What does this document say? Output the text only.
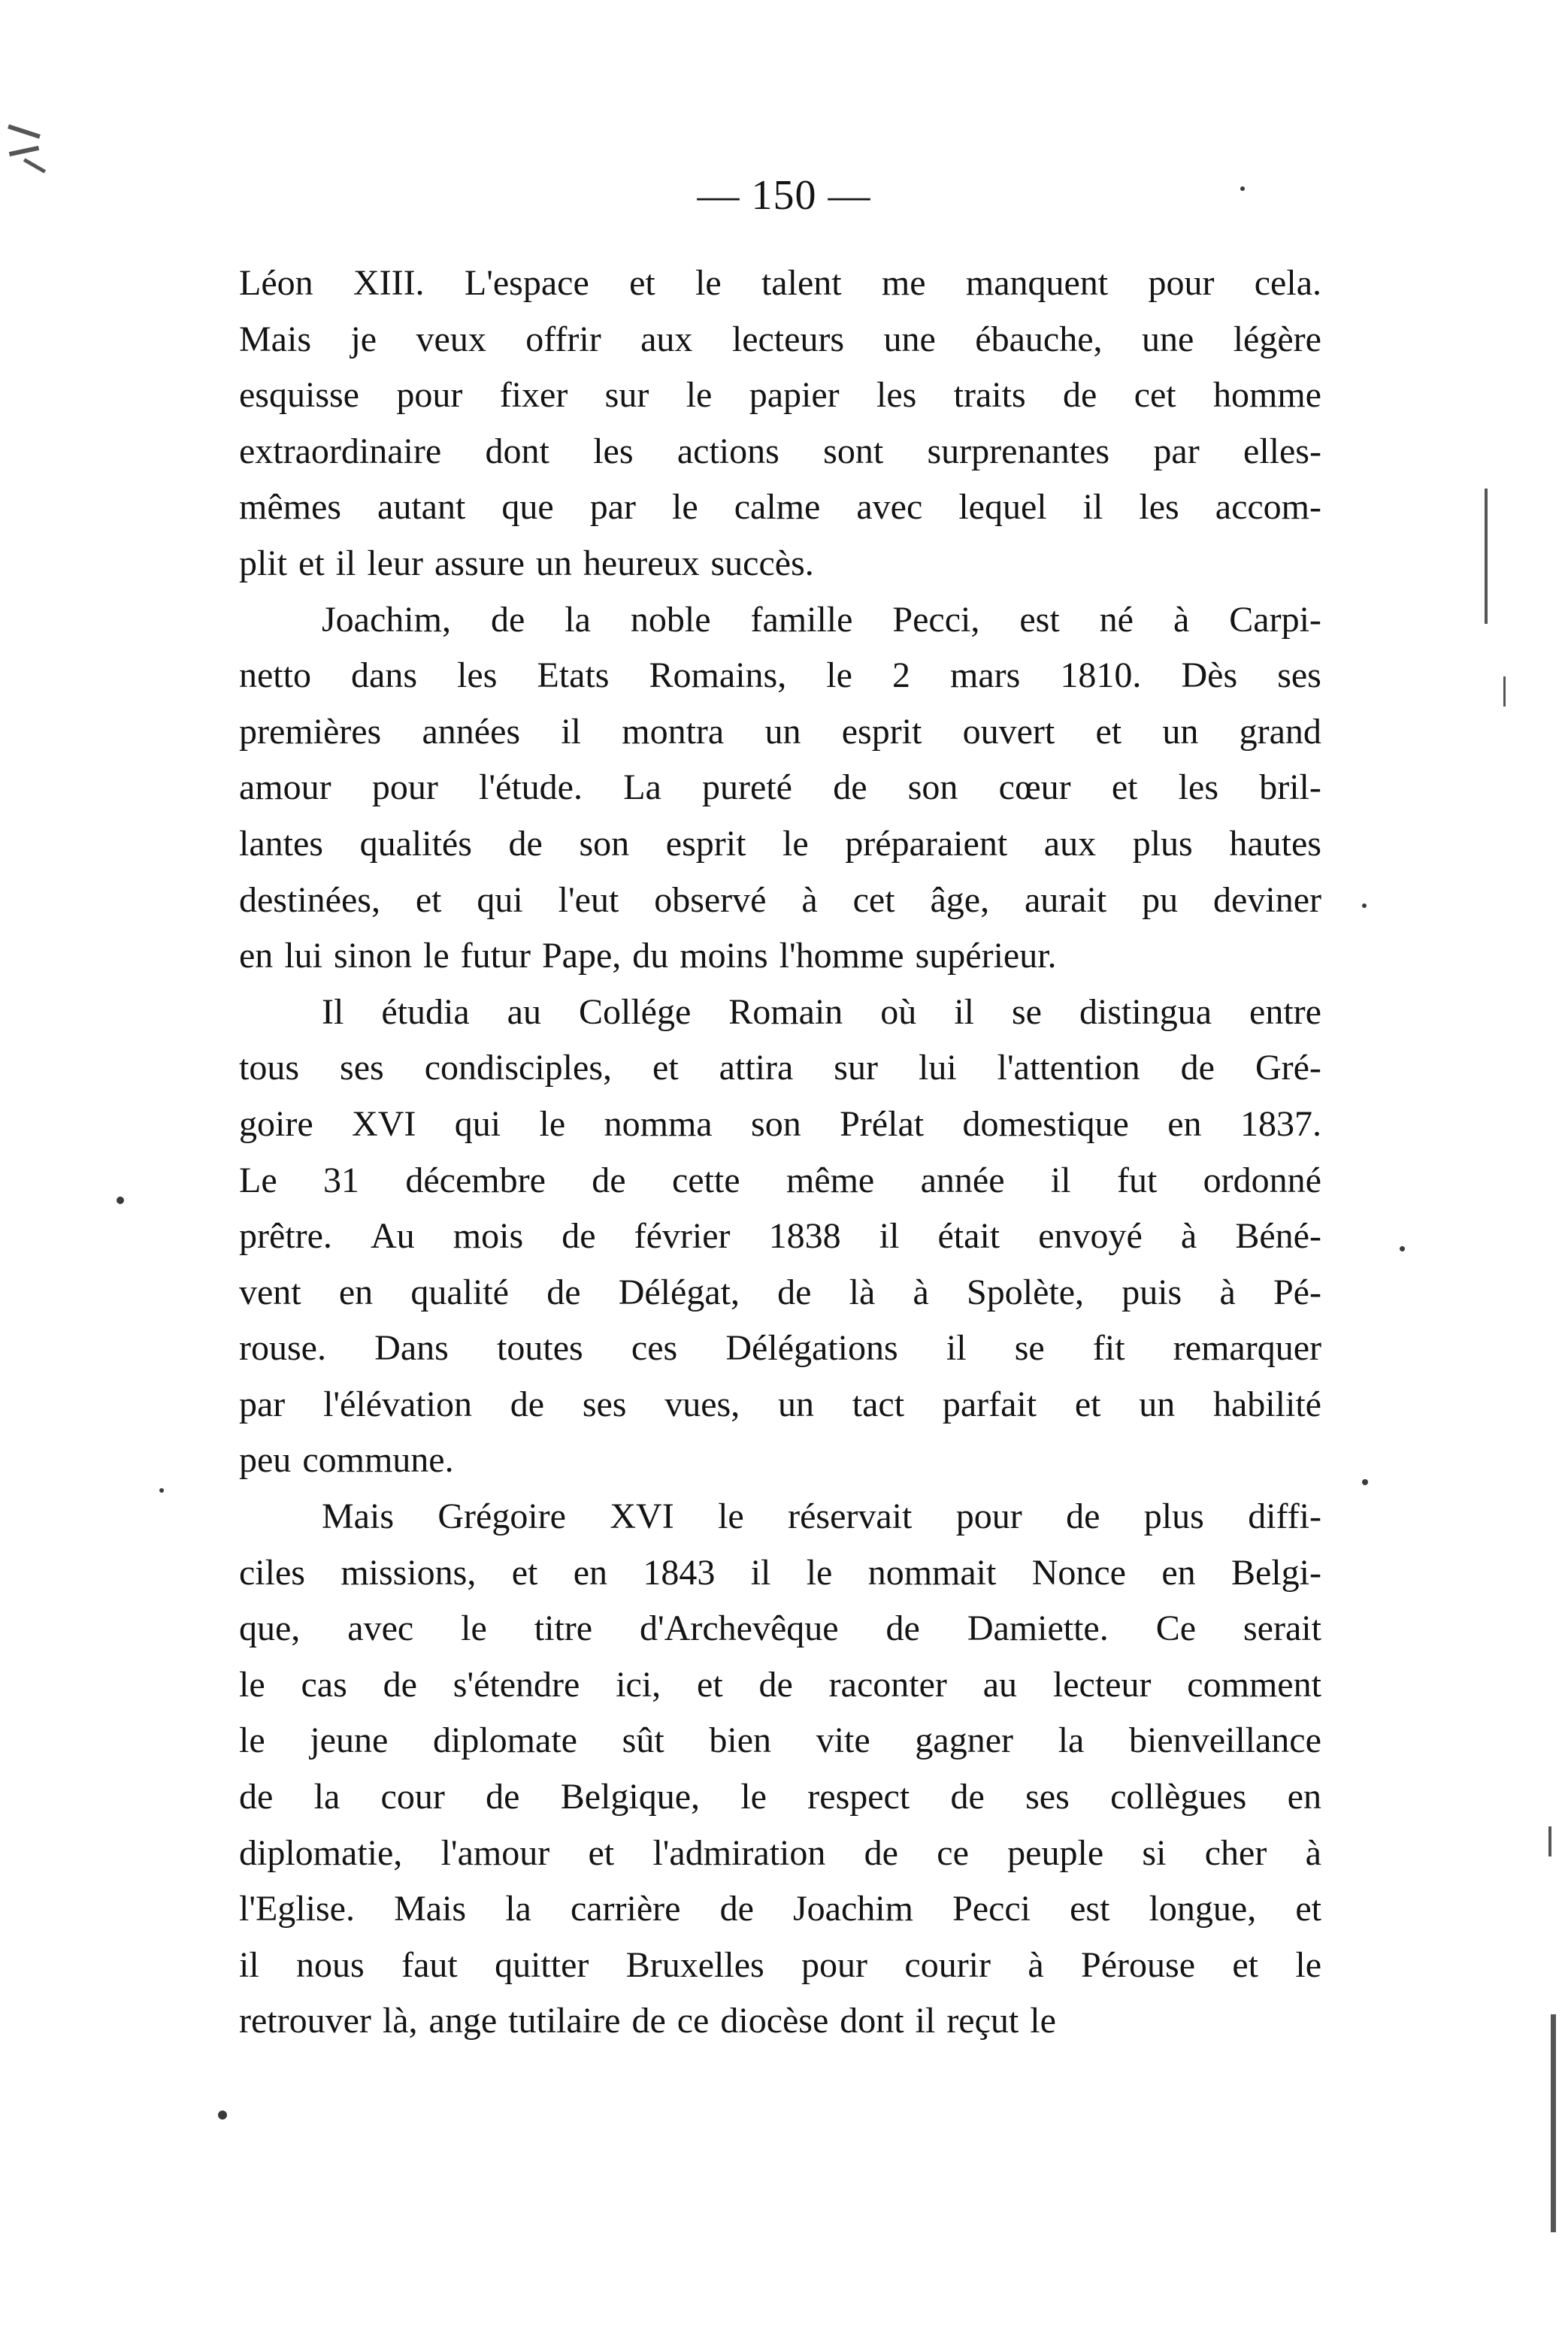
— 150 —
Léon XIII. L'espace et le talent me manquent pour cela.
Mais je veux offrir aux lecteurs une ébauche, une légère
esquisse pour fixer sur le papier les traits de cet homme
extraordinaire dont les actions sont surprenantes par elles-
mêmes autant que par le calme avec lequel il les accom-
plit et il leur assure un heureux succès.
Joachim, de la noble famille Pecci, est né à Carpi-
netto dans les Etats Romains, le 2 mars 1810. Dès ses
premières années il montra un esprit ouvert et un grand
amour pour l'étude. La pureté de son cœur et les bril-
lantes qualités de son esprit le préparaient aux plus hautes
destinées, et qui l'eut observé à cet âge, aurait pu deviner
en lui sinon le futur Pape, du moins l'homme supérieur.
Il étudia au Collége Romain où il se distingua entre
tous ses condisciples, et attira sur lui l'attention de Gré-
goire XVI qui le nomma son Prélat domestique en 1837.
Le 31 décembre de cette même année il fut ordonné
prêtre. Au mois de février 1838 il était envoyé à Béné-
vent en qualité de Délégat, de là à Spolète, puis à Pé-
rouse. Dans toutes ces Délégations il se fit remarquer
par l'élévation de ses vues, un tact parfait et un habilité
peu commune.
Mais Grégoire XVI le réservait pour de plus diffi-
ciles missions, et en 1843 il le nommait Nonce en Belgi-
que, avec le titre d'Archevêque de Damiette. Ce serait
le cas de s'étendre ici, et de raconter au lecteur comment
le jeune diplomate sût bien vite gagner la bienveillance
de la cour de Belgique, le respect de ses collègues en
diplomatie, l'amour et l'admiration de ce peuple si cher à
l'Eglise. Mais la carrière de Joachim Pecci est longue, et
il nous faut quitter Bruxelles pour courir à Pérouse et le
retrouver là, ange tutilaire de ce diocèse dont il reçut le
